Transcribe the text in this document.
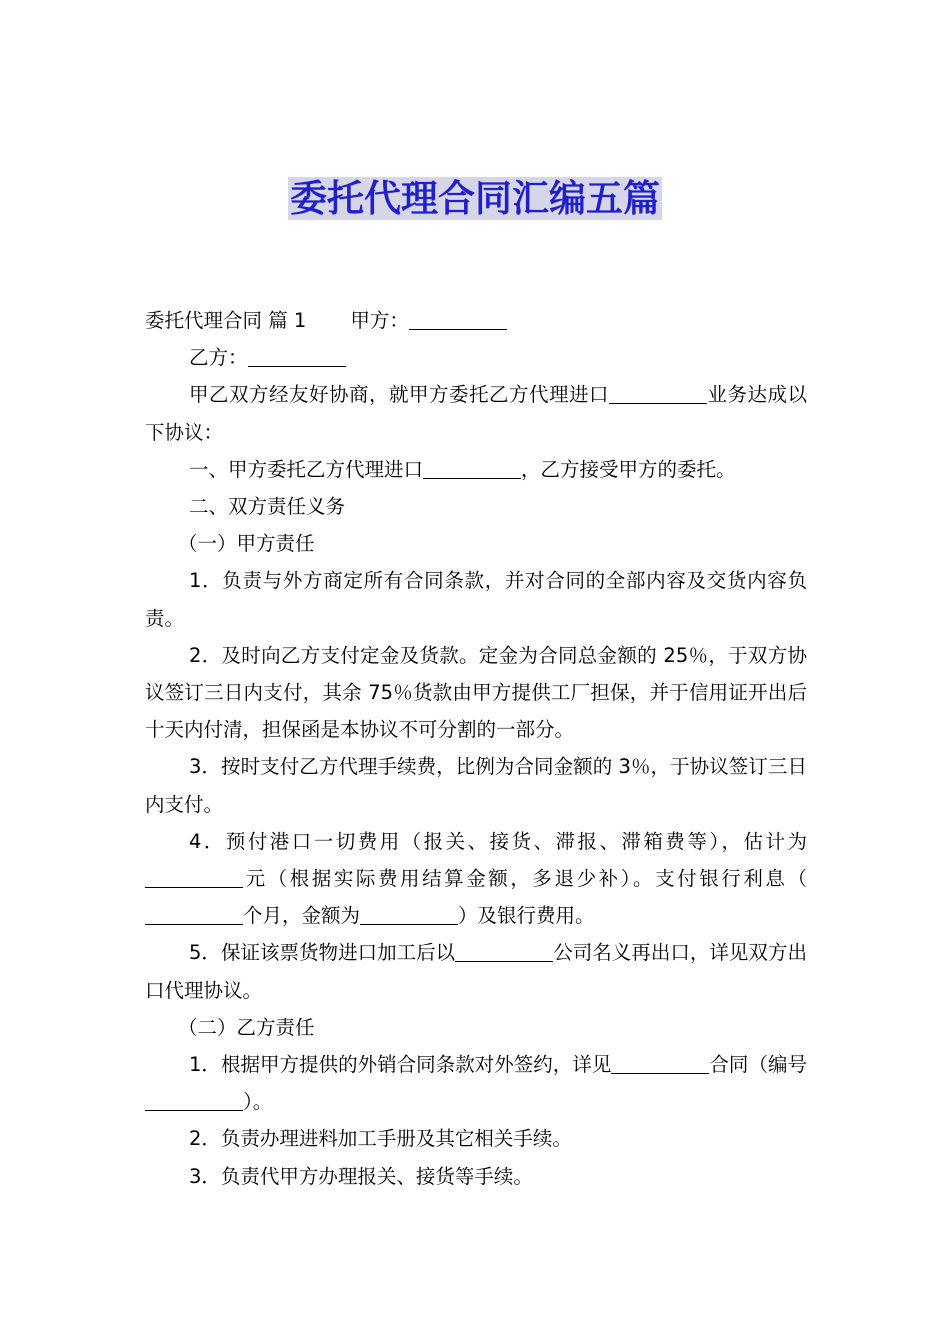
委托代理合同汇编五篇

委托代理合同 篇 1 甲方：

乙方：

甲乙双方经友好协商，就甲方委托乙方代理进口	业务达成以下协议：

一、甲方委托乙方代理进口	，乙方接受甲方的委托。

二、双方责任义务

（一）甲方责任

1．负责与外方商定所有合同条款，并对合同的全部内容及交货内容负责。

2．及时向乙方支付定金及货款。定金为合同总金额的 25％，于双方协议签订三日内支付，其余 75％货款由甲方提供工厂担保，并于信用证开出后十天内付清，担保函是本协议不可分割的一部分。

3．按时支付乙方代理手续费，比例为合同金额的 3％，于协议签订三日内支付。

4．预付港口一切费用（报关、接货、滞报、滞箱费等），估计为元（根据实际费用结算金额，多退少补）。支付银行利息（个月，金额为	）及银行费用。

5．保证该票货物进口加工后以	公司名义再出口，详见双方出口代理协议。

（二）乙方责任

1．根据甲方提供的外销合同条款对外签约，详见	合同（编号）。

2．负责办理进料加工手册及其它相关手续。

3．负责代甲方办理报关、接货等手续。
